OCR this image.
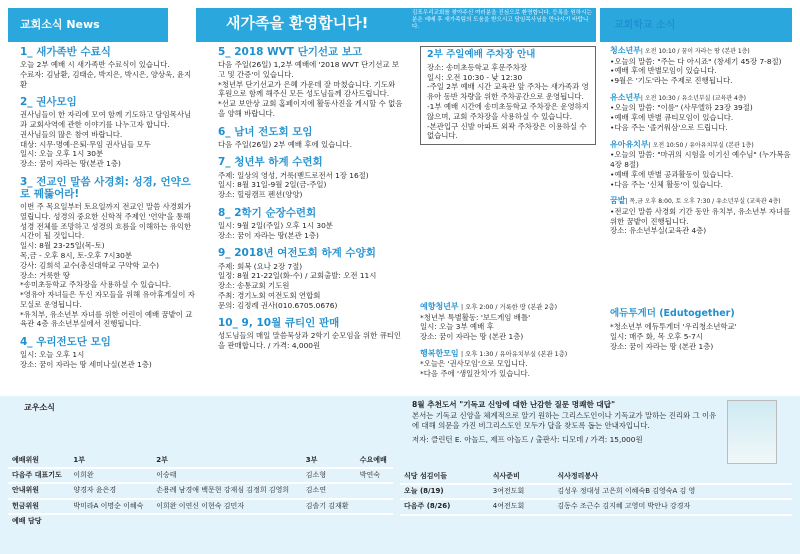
교회소식 News	새가족을 환영합니다!
김포우리교회를 찾아주신 여러분을 진심으로 환영합니다. 등록을 원하시는 분은 예배 후 새가족팀의 도움을 받으시고 담임목사님을 만나시기 바랍니다.
1_ 새가족반 수료식

오늘 2부 예배 시 새가족반 수료식이 있습니다.

수료자: 김남환, 김태순, 박지은, 박시은, 양상욱, 윤지환

2_ 권사모임

권사님들이 한 자리에 모여 함께 기도하고 담임목사님과 교회사역에 관한 이야기를 나누고자 합니다.

권사님들의 많은 참여 바랍니다.

대상: 시무·명예·은퇴·무임 권사님들 모두

일시: 오늘 오후 1시 30분

장소: 꿈이 자라는 땅(본관 1층)

3_ 전교인 말씀 사경회: 성경, 언약으로 꿰뚫어라!

이번 주 목요일부터 토요일까지 전교인 말씀 사경회가 열립니다. 성경의 중요한 신학적 주제인 '언약'을 통해 성경 전체를 조망하고 성경의 흐름을 이해하는 유익한 시간이 될 것입니다.

일시: 8월 23-25일(목-토)

목,금 - 오후 8시, 토-오후 7시30분

강사: 김희석 교수(총신대학교 구약학 교수)

장소: 거룩한 땅

*송미초등학교 주차장을 사용하실 수 있습니다.

*영유아 자녀들은 두신 자모들을 위해 유아휴게실이 자모실로 운영됩니다.

*유치부, 유소년부 자녀를 위한 어린이 예배 꿈밭이 교육관 4층 유소년부실에서 진행됩니다.

4_ 우리전도단 모임

일시: 오늘 오후 1시

장소: 꿈이 자라는 땅 세미나실(본관 1층)

5_ 2018 WVT 단기선교 보고

다음 주일(26일) 1,2부 예배에 '2018 WVT 단기선교 보고 및 간증'이 있습니다.

*청년부 단기선교가 은혜 가운데 잘 마쳤습니다. 기도와 후원으로 함께 해주신 모든 성도님들께 감사드립니다.

*선교 보안상 교회 홈페이지에 활동사진을 게시할 수 없음을 양해 바랍니다.

6_ 남녀 전도회 모임

다음 주일(26일) 2부 예배 후에 있습니다.

7_ 청년부 하계 수련회

주제: 일상의 영성, 거룩(벧드로전서 1장 16절)

일시: 8월 31일-9월 2일(금-주일)

장소: 힐링캠프 펜션(양양)

8_ 2학기 순장수련회

일시: 9월 2일(주일) 오후 1시 30분

장소: 꿈이 자라는 땅(본관 1층)

9_ 2018년 여전도회 하계 수양회

주제: 회복 (요나 2장 7절)

일정: 8월 21-22일(화-수) / 교회출발: 오전 11시

장소: 송통교회 기도원

주최: 경기노회 여전도회 연합회

문의: 김정례 권사(010.6705.0676)

10_ 9, 10월 큐티인 판매

성도님들의 매일 말씀묵상과 2학기 순모임을 위한 큐티인을 판매합니다. / 가격: 4,000원

2부 주일예배 주차장 안내

장소: 송미초등학교 후문주차장

일시: 오전 10:30 - 낮 12:30

-주일 2부 예배 시간 교육관 앞 주차는 새가족과 영유아 동반 차량을 위한 주차공간으로 운영됩니다.

-1부 예배 시간에 송미초등학교 주차장은 운영하지 않으며, 교회 주차장을 사용하실 수 있습니다.

-본관입구 신발 아파트 외곽 주차장은 이용하실 수 없습니다.

예향청년부 | 오후 2:00 / 거룩한 땅 (본관 2층)

*청년부 특별활동: '보드게임 배틀'

일시: 오늘 3부 예배 후

장소: 꿈이 자라는 땅 (본관 1층)

행복한모임 | 오후 1:30 / 유아유치부실 (본관 1층)

*오늘은 '권사모임'으로 모입니다.

*다음 주에 '생일잔치'가 있습니다.

교회학교 소식
청소년부| 오전 10:10 / 꿈이 자라는 땅 (본관 1층)

•오늘의 말씀: "주는 다 아시죠" (창세기 45장 7-8절)

•예배 후에 반별모임이 있습니다.

•9월은 '기도'라는 주제로 진행됩니다.

유소년부| 오전 10:30 / 유소년부실 (교육관 4층)

•오늘의 말씀: "이름" (사무엘하 23장 39절)

•예배 후에 반별 큐티모임이 있습니다.

•다음 주는 '졸거워삼'으로 드립니다.

유아유치부| 오전 10:50 / 유아유치부실 (본관 1층)

•오늘의 말씀: "마귀의 시험을 이기신 예수님" (누가복음 4장 8절)

•예배 후에 반별 공과활동이 있습니다.

•다음 주는 '신체 활동'이 있습니다.

꿈밭| 목,금 오후 8:00, 토 오후 7:30 / 유소년부실 (교육관 4층)

•전교인 말씀 사경회 기간 동안 유치부, 유소년부 자녀를 위한 꿈밭이 진행됩니다.

장소: 유소년부실(교육관 4층)

에듀투게더 (Edutogether)

*청소년부 에듀투게더 '우리청소년학교'

일시: 매주 화, 목 오후 5-7시

장소: 꿈이 자라는 땅 (본관 1층)

교우소식	8월 추천도서 "기독교 신앙에 대한 난감한 질문 명쾌한 대답"
본서는 기독교 신앙을 체계적으로 알기 원하는 그리스도인이나 기독교가 말하는 진리와 그 이유에 대해 의문을 가진 비그리스도인 모두가 답을 찾도록 돕는 안내자입니다.
저자: 클린턴 E. 아놀드, 제프 아놀드 / 출판사: 디모데 / 가격: 15,000원
예배위원	1부	2부	3부	수요예배
다음주 대표기도	이희완	이승태	김소형	박연숙
안내위원	양경자 윤은경	손용례 남경애 백문현 강재심 김정희 김영희	김소연	
헌금위원	박미라A 이명순 이혜숙	이희완 이연신 이현숙 김민자	김솔기 김재환	
예배 담당				
식당 섬김이들	식사준비	식사정리봉사
오늘 (8/19)	3여전도회	김성우 정대성 고은희 이혜숙B 김영숙A 김 영
다음주 (8/26)	4여전도회	김동수 조근수 김지혜 고영미 박안나 강경자
